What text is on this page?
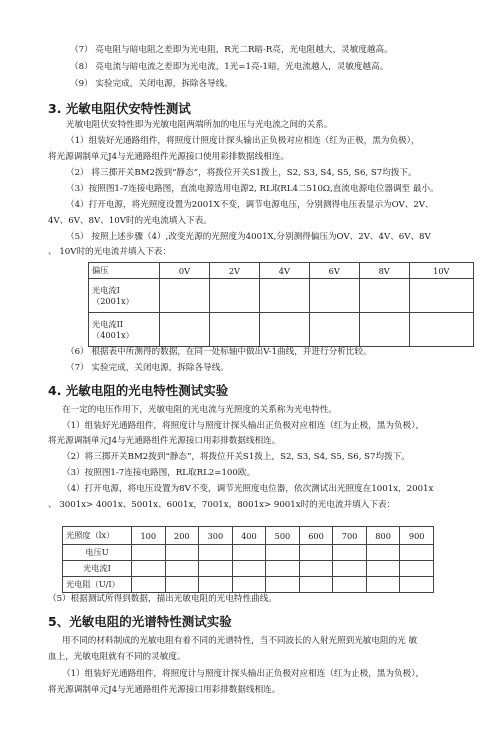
（7） 亮电阻与暗电阻之差即为光电阻，R光二R暗-R亮，光电阻越大，灵敏度越高。
（8） 亮电流与暗电流之差即为光电流，1光=1亮-1暗，光电流越人，灵敏度越高。
（9） 实验完成，关闭电源，拆除各导线。
3. 光敏电阻伏安特性测试
光敏电阻伏安特性即为光敏电阻两端所加的电压与光电流之间的关系。
（1）组装好光通路组件，将照度计照度计探头输出正负极对应相连（红为正极，黑为负极），
将光源调制单元J4与光通路组件光源接口使用彩排数据线相连。
（2） 将三掷开关BM2拨到“静态”，将拨位开关S1拨上，S2, S3, S4, S5, S6, S7均拨下。
（3）按照图1-7连接电路图，直流电源选用电源2, RL取RL4二510Ω,直流电源电位器调至 最小。
（4）打开电源，将光照度设置为2001X不变，调节电源电压，分别测得电压表显示为OV、2V、
4V、6V、8V、10V时的光电流填入下表。
（5） 按照上述步骤（4）,改变光源的光照度为4001X,分别测得偏压为OV、2V、4V、6V、8V
、 10V时的光电流并填入下表：
偏压	0V	2V	4V	6V	8V	10V

光电流I
（2001x）						

光电流II
（4001x）						

（6） 根据表中所测得的数据，在同一处标轴中做出V-1曲线，并进行分析比较。
（7） 实验完成，关闭电源，拆除各导线。
4. 光敏电阻的光电特性测试实验
在一定的电压作用下，光敏电阻的光电流与光照度的关系称为光电特性。
（1）组装好光通路组件，将照度计与照度计探头输出正负极对应相连（红为止极，黑为负极），
将光源调制单元J4与光通路组件光源接口用彩排数据线相连。
（2）将三掷开关BM2拨到“静态”，将拨位开关S1拨上，S2, S3, S4, S5, S6, S7均拨下。
（3）按照图1-7连接电路图，RL取RL2=100欧。
（4）打开电源，将电压设置为8V不变，调节光照度电位器，依次测试出光照度在1001x，2001x
、 3001x> 4001x、5001x、6001x，7001x，8001x> 9001x时的光电流并填入下表：
光照度（lx）	100	200	300	400	500	600	700	800	900
电压U									
光电流I									
光电阻（U/I）									
（5）根据测试所得到数据，描出光敏电阻的光电特性曲线。
5、光敏电阻的光谱特性测试实验
用不同的材料制成的光敏电阻有着不同的光谱特性，当不同波长的入射光照到光敏电阻的光 敏
血上，光敏电阻就有不同的灵敏度。
（1）组装好光通路组件，将照度计与照度计探头输出正负极对应相连（红为止极，黑为负极），
将光源调制单元J4与光通路组件光源接口用彩排数据线相连。
